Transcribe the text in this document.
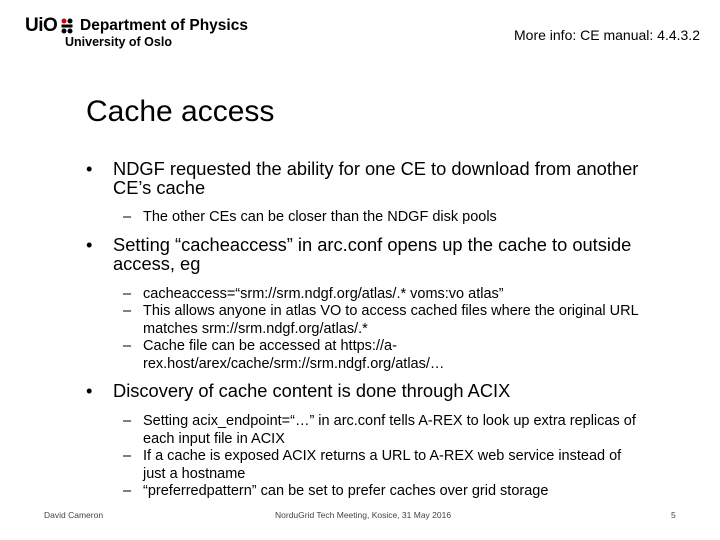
UiO Department of Physics
University of Oslo	More info: CE manual: 4.4.3.2
Cache access
• NDGF requested the ability for one CE to download from another CE’s cache
– The other CEs can be closer than the NDGF disk pools
• Setting “cacheaccess” in arc.conf opens up the cache to outside access, eg
– cacheaccess=“srm://srm.ndgf.org/atlas/.* voms:vo atlas”
– This allows anyone in atlas VO to access cached files where the original URL matches srm://srm.ndgf.org/atlas/.*
– Cache file can be accessed at https://a-rex.host/arex/cache/srm://srm.ndgf.org/atlas/…
• Discovery of cache content is done through ACIX
– Setting acix_endpoint=“…” in arc.conf tells A-REX to look up extra replicas of each input file in ACIX
– If a cache is exposed ACIX returns a URL to A-REX web service instead of just a hostname
– “preferredpattern” can be set to prefer caches over grid storage
David Cameron	NorduGrid Tech Meeting, Kosice, 31 May 2016	5
